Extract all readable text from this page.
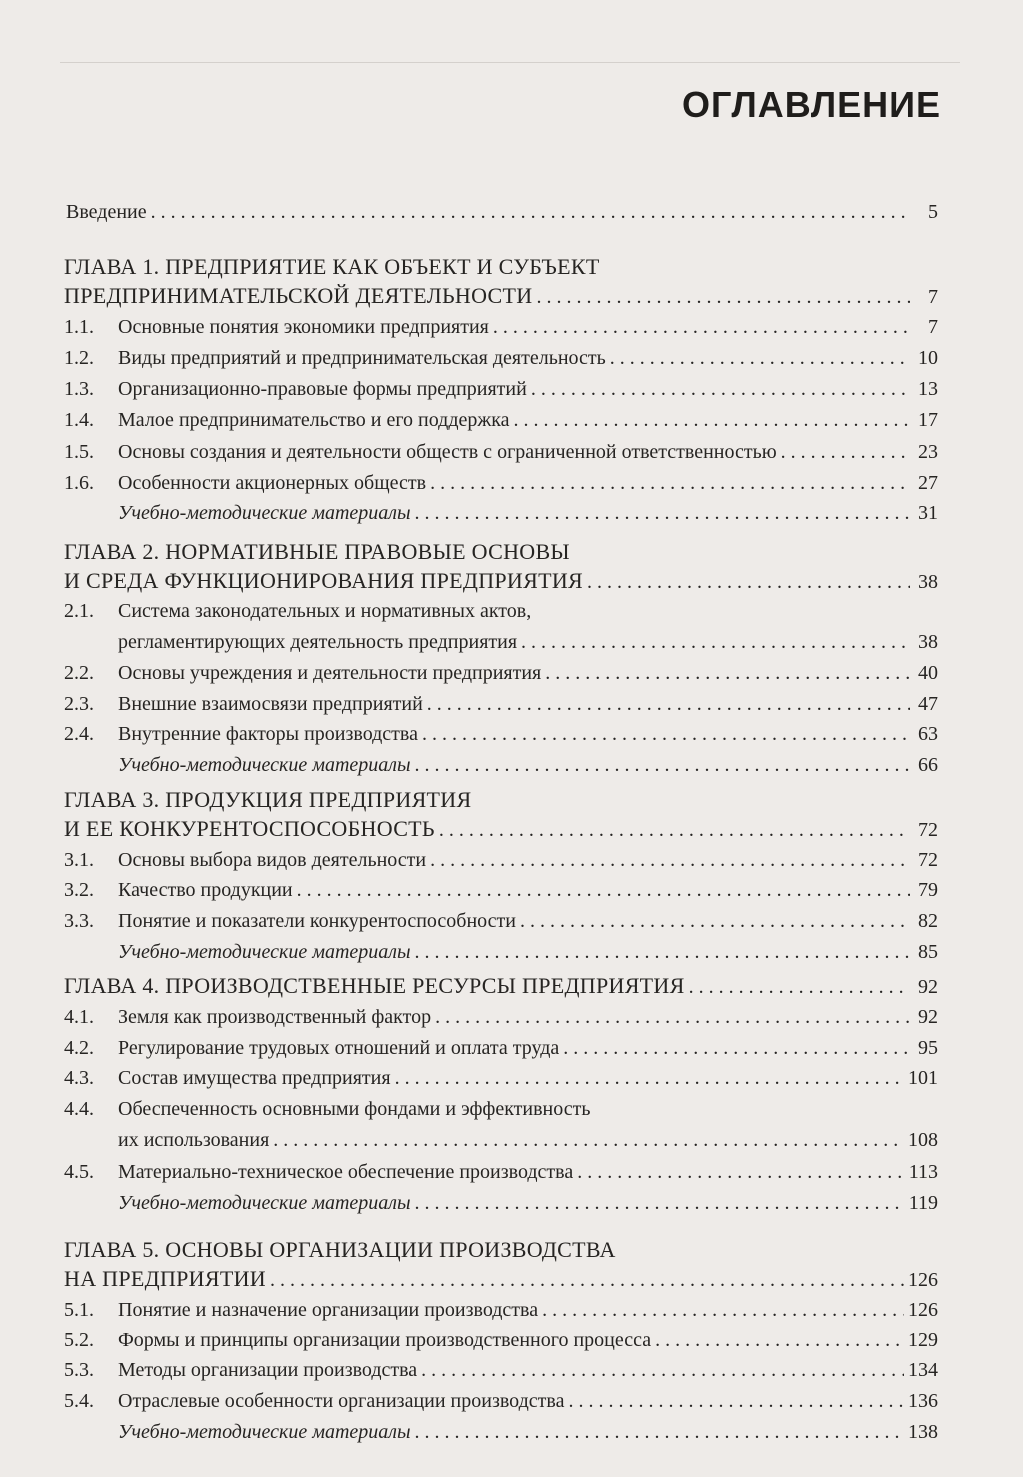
ОГЛАВЛЕНИЕ
Введение . . .	5
ГЛАВА 1. ПРЕДПРИЯТИЕ КАК ОБЪЕКТ И СУБЪЕКТ
ПРЕДПРИНИМАТЕЛЬСКОЙ ДЕЯТЕЛЬНОСТИ . . .	7
1.1.	Основные понятия экономики предприятия . . .	7
1.2.	Виды предприятий и предпринимательская деятельность . . .	10
1.3.	Организационно-правовые формы предприятий . . .	13
1.4.	Малое предпринимательство и его поддержка . . .	17
1.5.	Основы создания и деятельности обществ с ограниченной ответственностью . . .	23
1.6.	Особенности акционерных обществ . . .	27
Учебно-методические материалы . . .	31
ГЛАВА 2. НОРМАТИВНЫЕ ПРАВОВЫЕ ОСНОВЫ
И СРЕДА ФУНКЦИОНИРОВАНИЯ ПРЕДПРИЯТИЯ . . .	38
2.1. Система законодательных и нормативных актов,
регламентирующих деятельность предприятия . . .	38
2.2.	Основы учреждения и деятельности предприятия . . .	40
2.3.	Внешние взаимосвязи предприятий . . .	47
2.4.	Внутренние факторы производства . . .	63
Учебно-методические материалы . . .	66
ГЛАВА 3. ПРОДУКЦИЯ ПРЕДПРИЯТИЯ
И ЕЕ КОНКУРЕНТОСПОСОБНОСТЬ . . .	72
3.1.	Основы выбора видов деятельности . . .	72
3.2.	Качество продукции . . .	79
3.3.	Понятие и показатели конкурентоспособности . . .	82
Учебно-методические материалы . . .	85
ГЛАВА 4. ПРОИЗВОДСТВЕННЫЕ РЕСУРСЫ ПРЕДПРИЯТИЯ . . .	92
4.1.	Земля как производственный фактор . . .	92
4.2.	Регулирование трудовых отношений и оплата труда . . .	95
4.3.	Состав имущества предприятия . . .	101
4.4. Обеспеченность основными фондами и эффективность
их использования . . .	108
4.5.	Материально-техническое обеспечение производства . . .	113
Учебно-методические материалы . . .	119
ГЛАВА 5. ОСНОВЫ ОРГАНИЗАЦИИ ПРОИЗВОДСТВА
НА ПРЕДПРИЯТИИ . . .	126
5.1.	Понятие и назначение организации производства . . .	126
5.2.	Формы и принципы организации производственного процесса . . .	129
5.3.	Методы организации производства . . .	134
5.4.	Отраслевые особенности организации производства . . .	136
Учебно-методические материалы . . .	138
